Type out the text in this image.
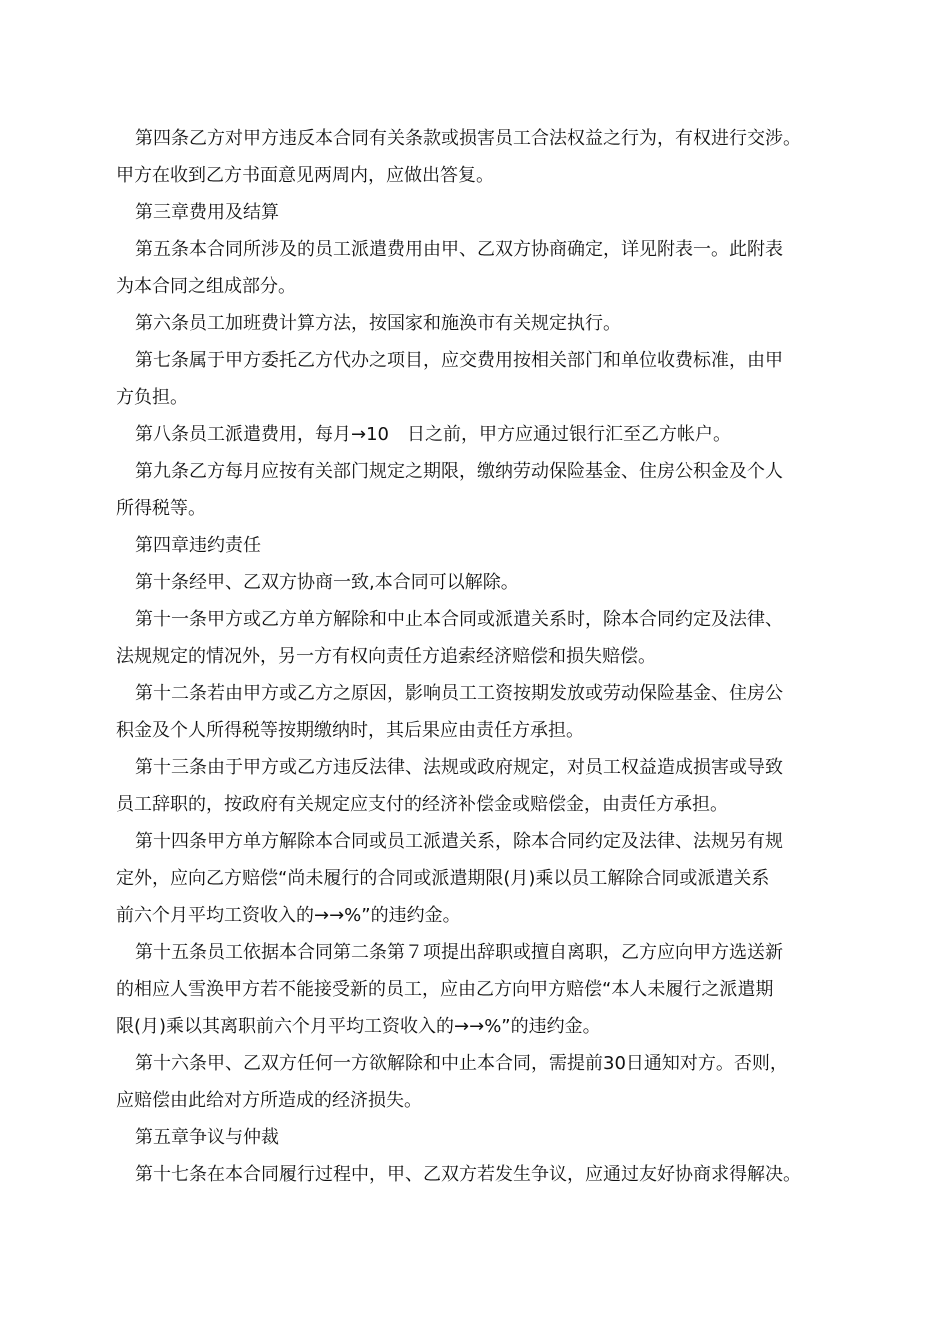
第四条乙方对甲方违反本合同有关条款或损害员工合法权益之行为，有权进行交涉。
甲方在收到乙方书面意见两周内，应做出答复。
第三章费用及结算
第五条本合同所涉及的员工派遣费用由甲、乙双方协商确定，详见附表一。此附表
为本合同之组成部分。
第六条员工加班费计算方法，按国家和施涣市有关规定执行。
第七条属于甲方委托乙方代办之项目，应交费用按相关部门和单位收费标准，由甲
方负担。
第八条员工派遣费用，每月→10　日之前，甲方应通过银行汇至乙方帐户。
第九条乙方每月应按有关部门规定之期限，缴纳劳动保险基金、住房公积金及个人
所得税等。
第四章违约责任
第十条经甲、乙双方协商一致,本合同可以解除。
第十一条甲方或乙方单方解除和中止本合同或派遣关系时，除本合同约定及法律、
法规规定的情况外，另一方有权向责任方追索经济赔偿和损失赔偿。
第十二条若由甲方或乙方之原因，影响员工工资按期发放或劳动保险基金、住房公
积金及个人所得税等按期缴纳时，其后果应由责任方承担。
第十三条由于甲方或乙方违反法律、法规或政府规定，对员工权益造成损害或导致
员工辞职的，按政府有关规定应支付的经济补偿金或赔偿金，由责任方承担。
第十四条甲方单方解除本合同或员工派遣关系，除本合同约定及法律、法规另有规
定外，应向乙方赔偿“尚未履行的合同或派遣期限(月)乘以员工解除合同或派遣关系
前六个月平均工资收入的→→%”的违约金。
第十五条员工依据本合同第二条第７项提出辞职或擅自离职，乙方应向甲方选送新
的相应人雪涣甲方若不能接受新的员工，应由乙方向甲方赔偿“本人未履行之派遣期
限(月)乘以其离职前六个月平均工资收入的→→%”的违约金。
第十六条甲、乙双方任何一方欲解除和中止本合同，需提前30日通知对方。否则，
应赔偿由此给对方所造成的经济损失。
第五章争议与仲裁
第十七条在本合同履行过程中，甲、乙双方若发生争议，应通过友好协商求得解决。
